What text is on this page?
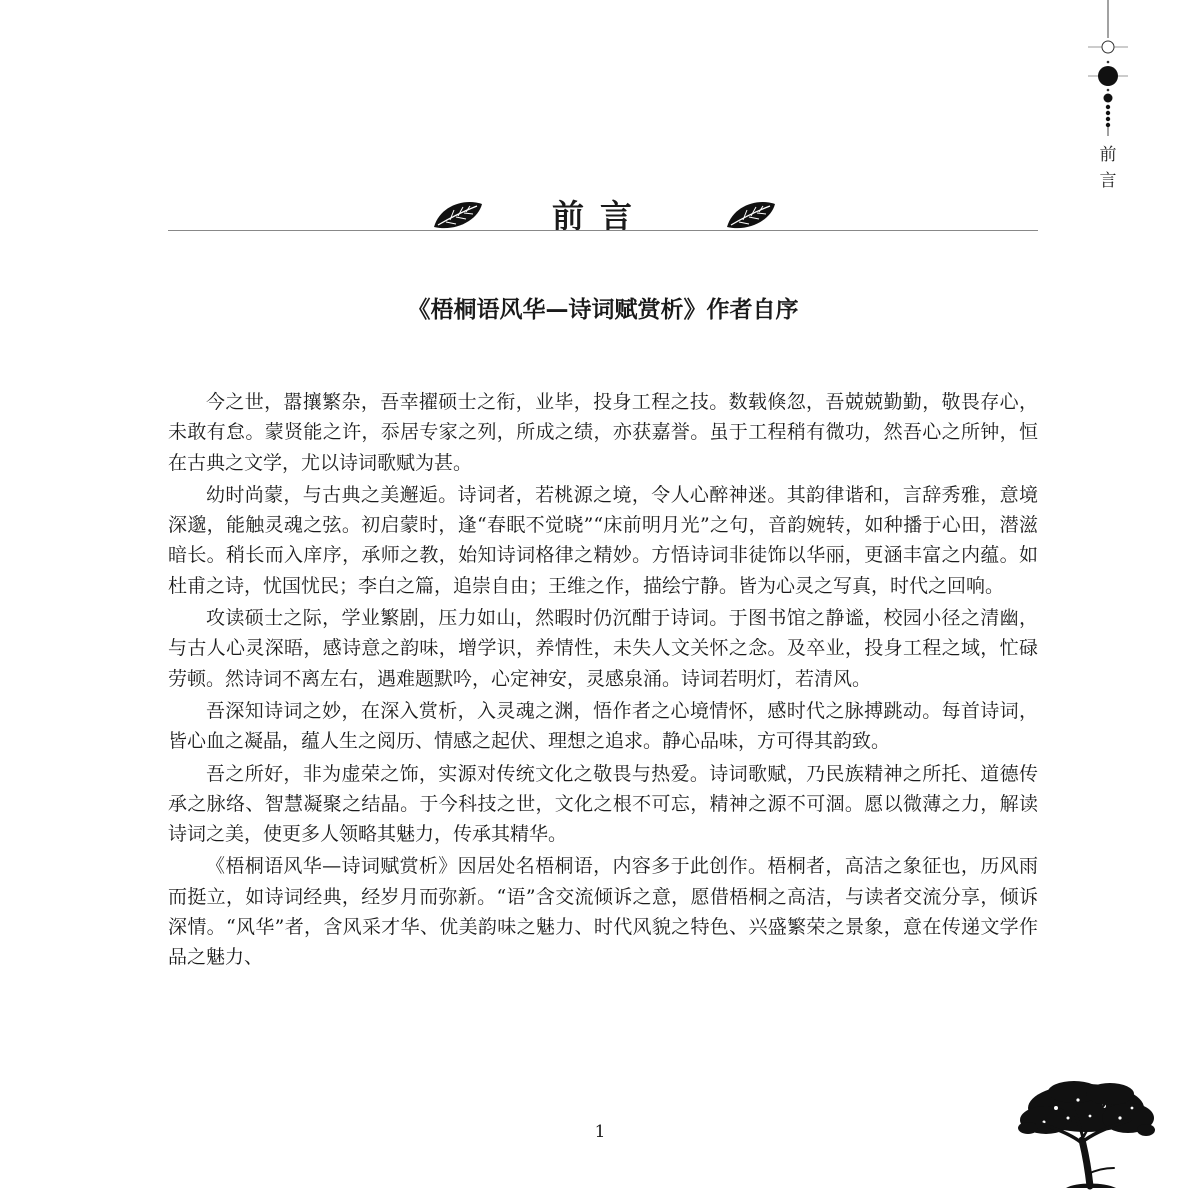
前
言
前言
《梧桐语风华—诗词赋赏析》作者自序

今之世，嚣攘繁杂，吾幸擢硕士之衔，业毕，投身工程之技。数载倏忽，吾兢兢勤勤，敬畏存心，未敢有怠。蒙贤能之许，忝居专家之列，所成之绩，亦获嘉誉。虽于工程稍有微功，然吾心之所钟，恒在古典之文学，尤以诗词歌赋为甚。

幼时尚蒙，与古典之美邂逅。诗词者，若桃源之境，令人心醉神迷。其韵律谐和，言辞秀雅，意境深邈，能触灵魂之弦。初启蒙时，逢“春眠不觉晓”“床前明月光”之句，音韵婉转，如种播于心田，潜滋暗长。稍长而入庠序，承师之教，始知诗词格律之精妙。方悟诗词非徒饰以华丽，更涵丰富之内蕴。如杜甫之诗，忧国忧民；李白之篇，追崇自由；王维之作，描绘宁静。皆为心灵之写真，时代之回响。

攻读硕士之际，学业繁剧，压力如山，然暇时仍沉酣于诗词。于图书馆之静谧，校园小径之清幽，与古人心灵深晤，感诗意之韵味，增学识，养情性，未失人文关怀之念。及卒业，投身工程之域，忙碌劳顿。然诗词不离左右，遇难题默吟，心定神安，灵感泉涌。诗词若明灯，若清风。

吾深知诗词之妙，在深入赏析，入灵魂之渊，悟作者之心境情怀，感时代之脉搏跳动。每首诗词，皆心血之凝晶，蕴人生之阅历、情感之起伏、理想之追求。静心品味，方可得其韵致。

吾之所好，非为虚荣之饰，实源对传统文化之敬畏与热爱。诗词歌赋，乃民族精神之所托、道德传承之脉络、智慧凝聚之结晶。于今科技之世，文化之根不可忘，精神之源不可涸。愿以微薄之力，解读诗词之美，使更多人领略其魅力，传承其精华。

《梧桐语风华—诗词赋赏析》因居处名梧桐语，内容多于此创作。梧桐者，高洁之象征也，历风雨而挺立，如诗词经典，经岁月而弥新。“语”含交流倾诉之意，愿借梧桐之高洁，与读者交流分享，倾诉深情。“风华”者，含风采才华、优美韵味之魅力、时代风貌之特色、兴盛繁荣之景象，意在传递文学作品之魅力、

1
